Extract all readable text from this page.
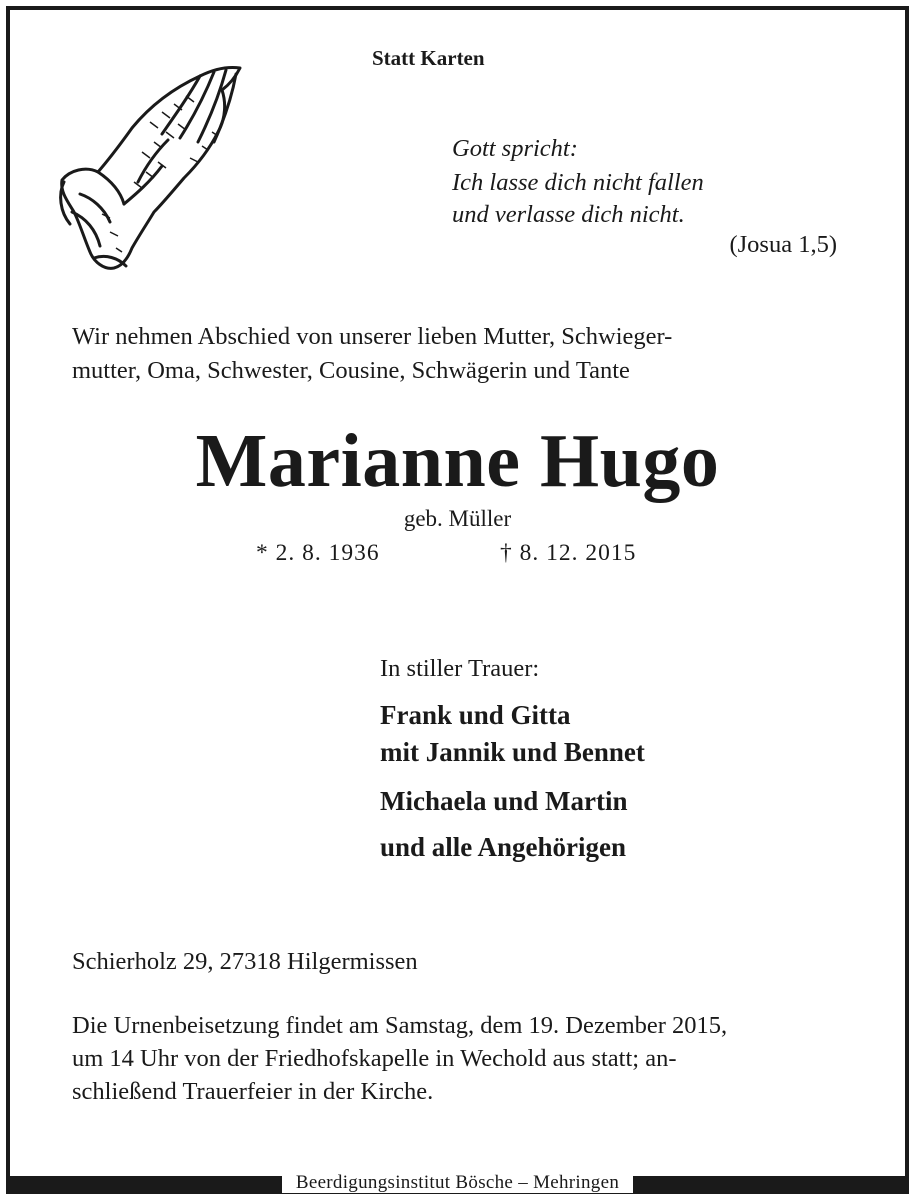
Statt Karten
Gott spricht:
Ich lasse dich nicht fallen
und verlasse dich nicht.
(Josua 1,5)
Wir nehmen Abschied von unserer lieben Mutter, Schwieger-
mutter, Oma, Schwester, Cousine, Schwägerin und Tante
Marianne Hugo
geb. Müller
* 2. 8. 1936	† 8. 12. 2015
In stiller Trauer:
Frank und Gitta
mit Jannik und Bennet
Michaela und Martin
und alle Angehörigen
Schierholz 29, 27318 Hilgermissen
Die Urnenbeisetzung findet am Samstag, dem 19. Dezember 2015,
um 14 Uhr von der Friedhofskapelle in Wechold aus statt; an-
schließend Trauerfeier in der Kirche.
Beerdigungsinstitut Bösche – Mehringen
